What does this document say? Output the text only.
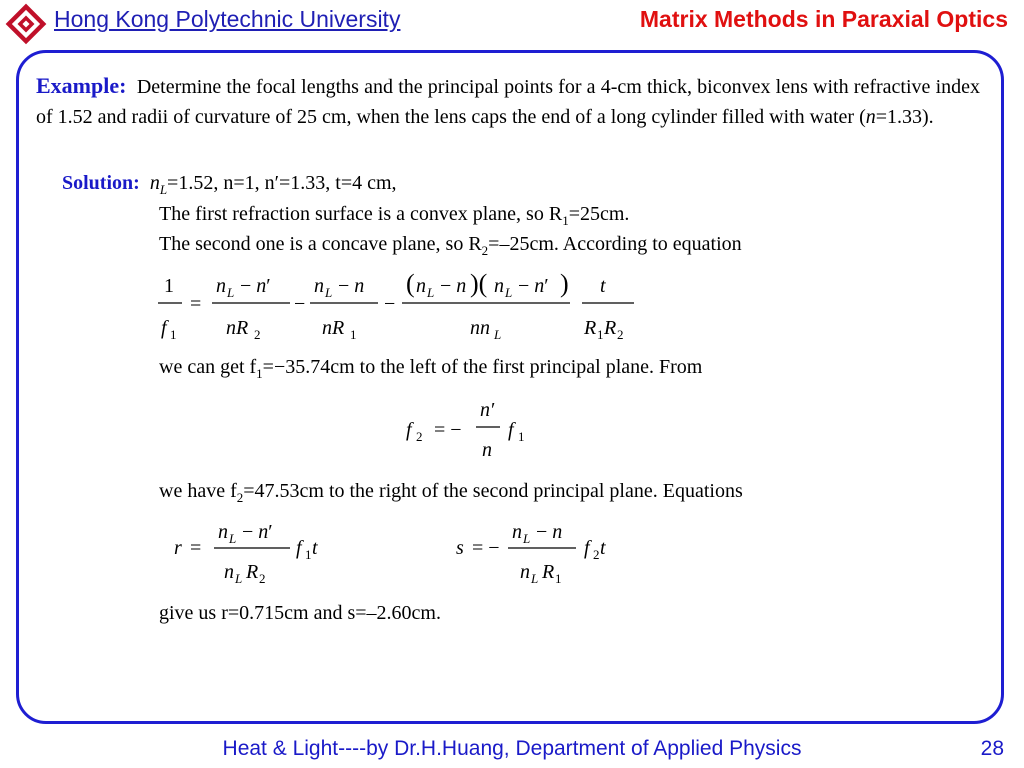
Hong Kong Polytechnic University	Matrix Methods in Paraxial Optics
Example: Determine the focal lengths and the principal points for a 4-cm thick, biconvex lens with refractive index of 1.52 and radii of curvature of 25 cm, when the lens caps the end of a long cylinder filled with water (n=1.33).
Solution: $n_L=1.52$, n=1, n′=1.33, t=4 cm,
The first refraction surface is a convex plane, so $R_1=25cm$.
The second one is a concave plane, so $R_2=-25cm$. According to equation
1
f 1
=
n L − n′
nR 2
−
n L − n
nR 1
−
( n L − n )( n L − n′ )
nn L
t
R 1 R 2
we can get $f_1=-35.74cm$ to the left of the first principal plane. From
f 2 = −
n ′
n
f 1
we have $f_2=47.53cm$ to the right of the second principal plane. Equations
r =
n L − n′
n L R 2
f 1 t	s = −
n L − n
n L R 1
f 2 t
give us r=0.715cm and s=–2.60cm.
Heat & Light----by Dr.H.Huang, Department of Applied Physics	28
